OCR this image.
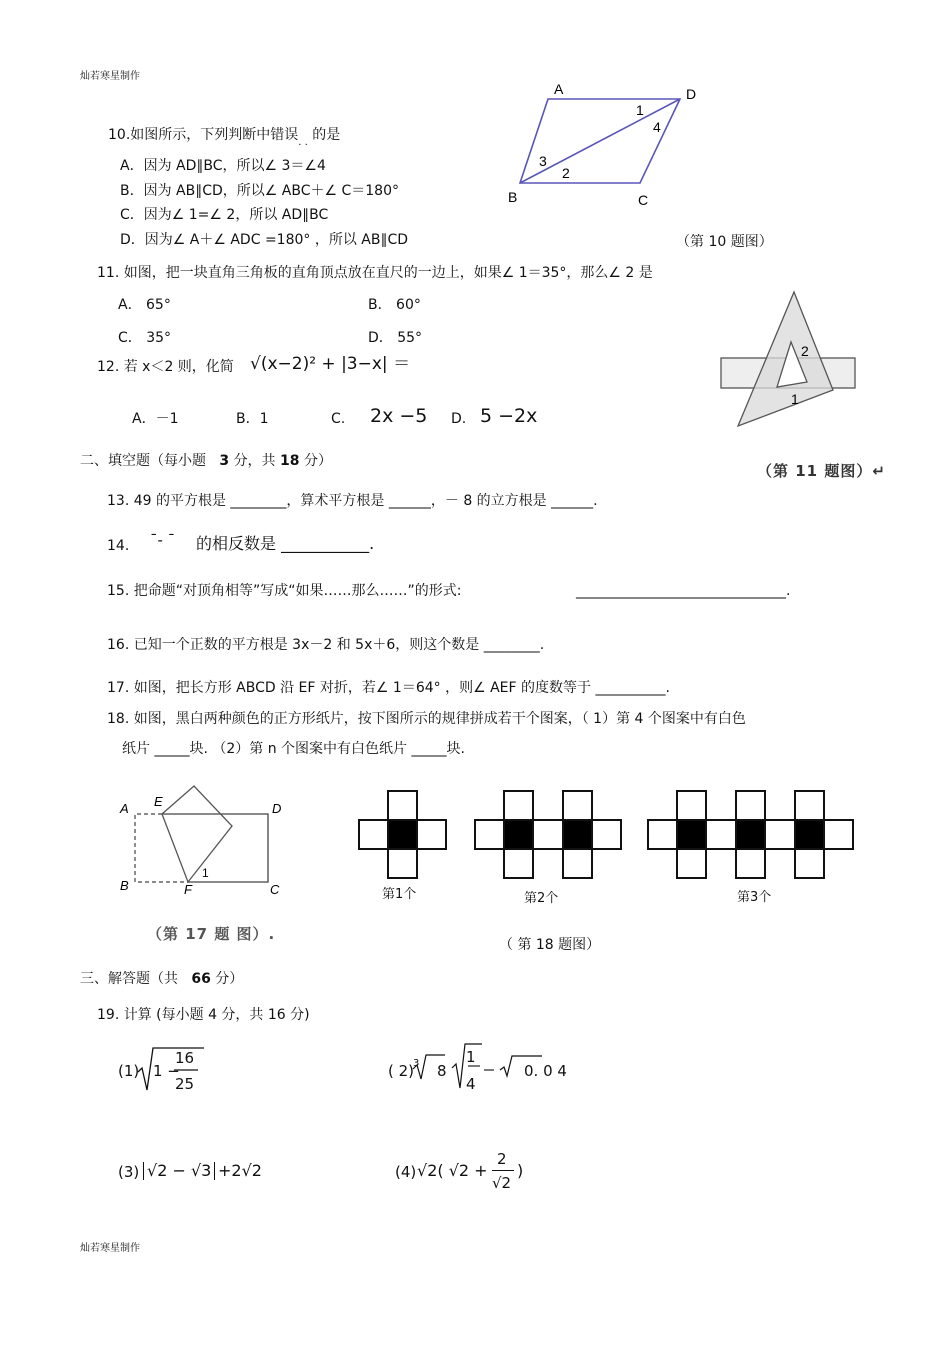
灿若寒星制作
10.如图所示，下列判断中错误$_{. .}$ 的是
A．因为 AD∥BC，所以∠ 3＝∠4
B．因为 AB∥CD，所以∠ ABC＋∠ C＝180°
C．因为∠ 1=∠ 2，所以 AD∥BC
D．因为∠ A＋∠ ADC =180° ，所以 AB∥CD
A	D
B	C
1
4
3
2
（第 10 题图）
11. 如图，把一块直角三角板的直角顶点放在直尺的一边上，如果∠ 1＝35°，那么∠ 2 是
A． 65°	B． 60°
C． 35°	D． 55°
2
1
（第 11 题图）↵
12. 若 x＜2 则，化简 √(x−2)² + |3−x| ＝
A．－1	B．1	C. 2x −5 D. 5 −2x
二、填空题（每小题 3 分，共 18 分）
13. 49 的平方根是 ________，算术平方根是 ______，－ 8 的立方根是 ______.
14. ¯- ¯ 的相反数是 ___________.
15. 把命题“对顶角相等”写成“如果……那么……”的形式:	______________________________.
16. 已知一个正数的平方根是 3x－2 和 5x＋6，则这个数是 ________.
17. 如图，把长方形 ABCD 沿 EF 对折，若∠ 1＝64° ，则∠ AEF 的度数等于 __________.
18. 如图，黑白两种颜色的正方形纸片，按下图所示的规律拼成若干个图案，（ 1）第 4 个图案中有白色
纸片 _____块. （2）第 n 个图案中有白色纸片 _____块.
A E	D
B	F	C
1
（第 17 题 图）.
第1个	第2个	第3个
（ 第 18 题图）
三、解答题（共 66 分）
19. 计算 (每小题 4 分，共 16 分)
(1) 1 −
16
25
( 2)
3 8
1
4
0. 0 4
(3) √2 − √3 +2√2	(4) √2( √2 +
2
√2
)
灿若寒星制作
